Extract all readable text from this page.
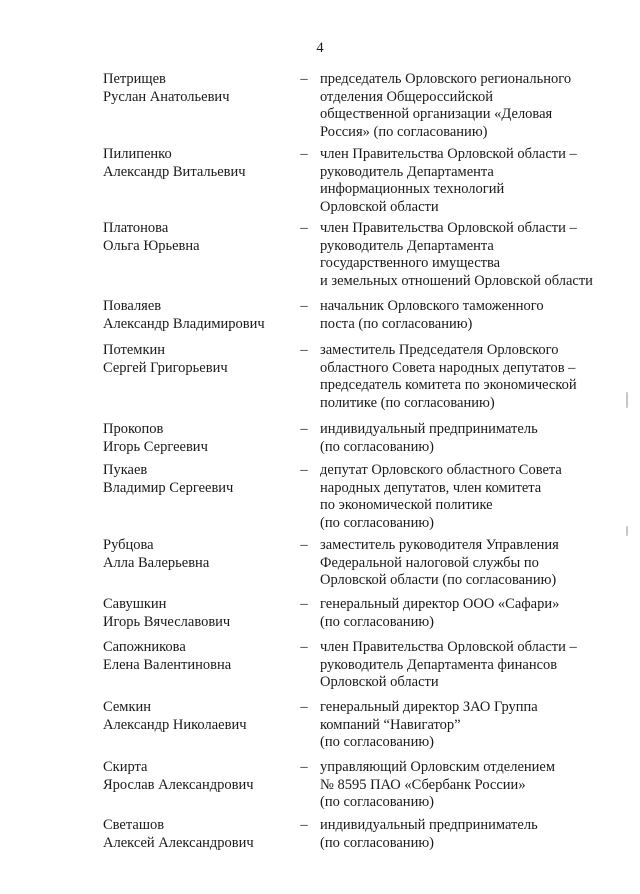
4
Петрищев
Руслан Анатольевич
– председатель Орловского регионального
отделения Общероссийской
общественной организации «Деловая
Россия» (по согласованию)
Пилипенко
Александр Витальевич
– член Правительства Орловской области –
руководитель Департамента
информационных технологий
Орловской области
Платонова
Ольга Юрьевна
– член Правительства Орловской области –
руководитель Департамента
государственного имущества
и земельных отношений Орловской области
Поваляев
Александр Владимирович
– начальник Орловского таможенного
поста (по согласованию)
Потемкин
Сергей Григорьевич
– заместитель Председателя Орловского
областного Совета народных депутатов –
председатель комитета по экономической
политике (по согласованию)
Прокопов
Игорь Сергеевич
– индивидуальный предприниматель
(по согласованию)
Пукаев
Владимир Сергеевич
– депутат Орловского областного Совета
народных депутатов, член комитета
по экономической политике
(по согласованию)
Рубцова
Алла Валерьевна
– заместитель руководителя Управления
Федеральной налоговой службы по
Орловской области (по согласованию)
Савушкин
Игорь Вячеславович
– генеральный директор ООО «Сафари»
(по согласованию)
Сапожникова
Елена Валентиновна
– член Правительства Орловской области –
руководитель Департамента финансов
Орловской области
Семкин
Александр Николаевич
– генеральный директор ЗАО Группа
компаний “Навигатор”
(по согласованию)
Скирта
Ярослав Александрович
– управляющий Орловским отделением
№ 8595 ПАО «Сбербанк России»
(по согласованию)
Светашов
Алексей Александрович
– индивидуальный предприниматель
(по согласованию)
